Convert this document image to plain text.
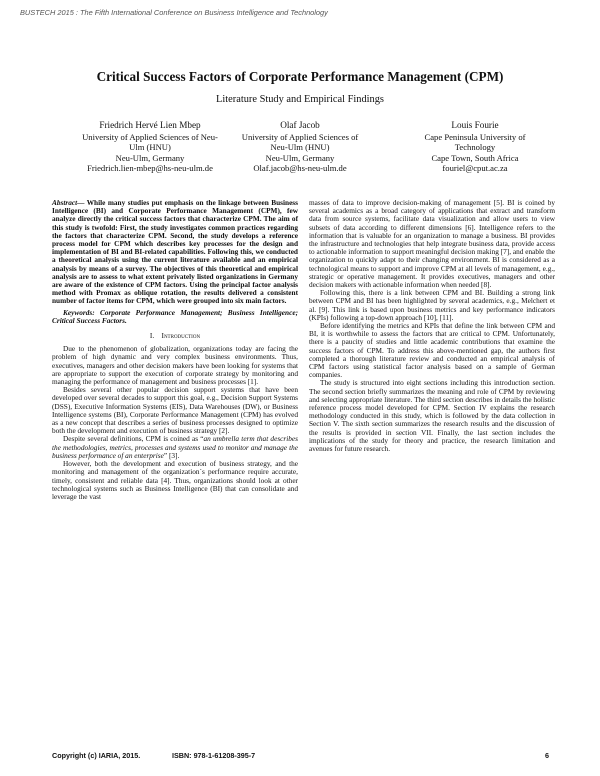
BUSTECH 2015 : The Fifth International Conference on Business Intelligence and Technology
Critical Success Factors of Corporate Performance Management (CPM)
Literature Study and Empirical Findings
Friedrich Hervé Lien Mbep
University of Applied Sciences of Neu-
Ulm (HNU)
Neu-Ulm, Germany
Friedrich.lien-mbep@hs-neu-ulm.de
Olaf Jacob
University of Applied Sciences of
Neu-Ulm (HNU)
Neu-Ulm, Germany
Olaf.jacob@hs-neu-ulm.de
Louis Fourie
Cape Peninsula University of
Technology
Cape Town, South Africa
fouriel@cput.ac.za

Abstract— While many studies put emphasis on the linkage between Business Intelligence (BI) and Corporate Performance Management (CPM), few analyze directly the critical success factors that characterize CPM. The aim of this study is twofold: First, the study investigates common practices regarding the factors that characterize CPM. Second, the study develops a reference process model for CPM which describes key processes for the design and implementation of BI and BI-related capabilities. Following this, we conducted a theoretical analysis using the current literature available and an empirical analysis by means of a survey. The objectives of this theoretical and empirical analysis are to assess to what extent privately listed organizations in Germany are aware of the existence of CPM factors. Using the principal factor analysis method with Promax as oblique rotation, the results delivered a consistent number of factor items for CPM, which were grouped into six main factors.

Keywords: Corporate Performance Management; Business Intelligence; Critical Success Factors.

I. Introduction

Due to the phenomenon of globalization, organizations today are facing the problem of high dynamic and very complex business environments. Thus, executives, managers and other decision makers have been looking for systems that are appropriate to support the execution of corporate strategy by monitoring and managing the performance of management and business processes [1].

Besides several other popular decision support systems that have been developed over several decades to support this goal, e.g., Decision Support Systems (DSS), Executive Information Systems (EIS), Data Warehouses (DW), or Business Intelligence systems (BI), Corporate Performance Management (CPM) has evolved as a new concept that describes a series of business processes designed to optimize both the development and execution of business strategy [2].

Despite several definitions, CPM is coined as “an umbrella term that describes the methodologies, metrics, processes and systems used to monitor and manage the business performance of an enterprise” [3].

However, both the development and execution of business strategy, and the monitoring and management of the organization´s performance require accurate, timely, consistent and reliable data [4]. Thus, organizations should look at other technological systems such as Business Intelligence (BI) that can consolidate and leverage the vast

masses of data to improve decision-making of management [5]. BI is coined by several academics as a broad category of applications that extract and transform data from source systems, facilitate data visualization and allow users to view subsets of data according to different dimensions [6]. Intelligence refers to the information that is valuable for an organization to manage a business. BI provides the infrastructure and technologies that help integrate business data, provide access to actionable information to support meaningful decision making [7], and enable the organization to quickly adapt to their changing environment. BI is considered as a technological means to support and improve CPM at all levels of management, e.g., strategic or operative management. It provides executives, managers and other decision makers with actionable information when needed [8].

Following this, there is a link between CPM and BI. Building a strong link between CPM and BI has been highlighted by several academics, e.g., Melchert et al. [9]. This link is based upon business metrics and key performance indicators (KPIs) following a top-down approach [10], [11].

Before identifying the metrics and KPIs that define the link between CPM and BI, it is worthwhile to assess the factors that are critical to CPM. Unfortunately, there is a paucity of studies and little academic contributions that examine the success factors of CPM. To address this above-mentioned gap, the authors first completed a thorough literature review and conducted an empirical analysis of CPM factors using statistical factor analysis based on a sample of German companies.

The study is structured into eight sections including this introduction section. The second section briefly summarizes the meaning and role of CPM by reviewing and selecting appropriate literature. The third section describes in details the holistic reference process model developed for CPM. Section IV explains the research methodology conducted in this study, which is followed by the data collection in Section V. The sixth section summarizes the research results and the discussion of the results is provided in section VII. Finally, the last section includes the implications of the study for theory and practice, the research limitation and avenues for future research.

Copyright (c) IARIA, 2015.	ISBN: 978-1-61208-395-7	6
